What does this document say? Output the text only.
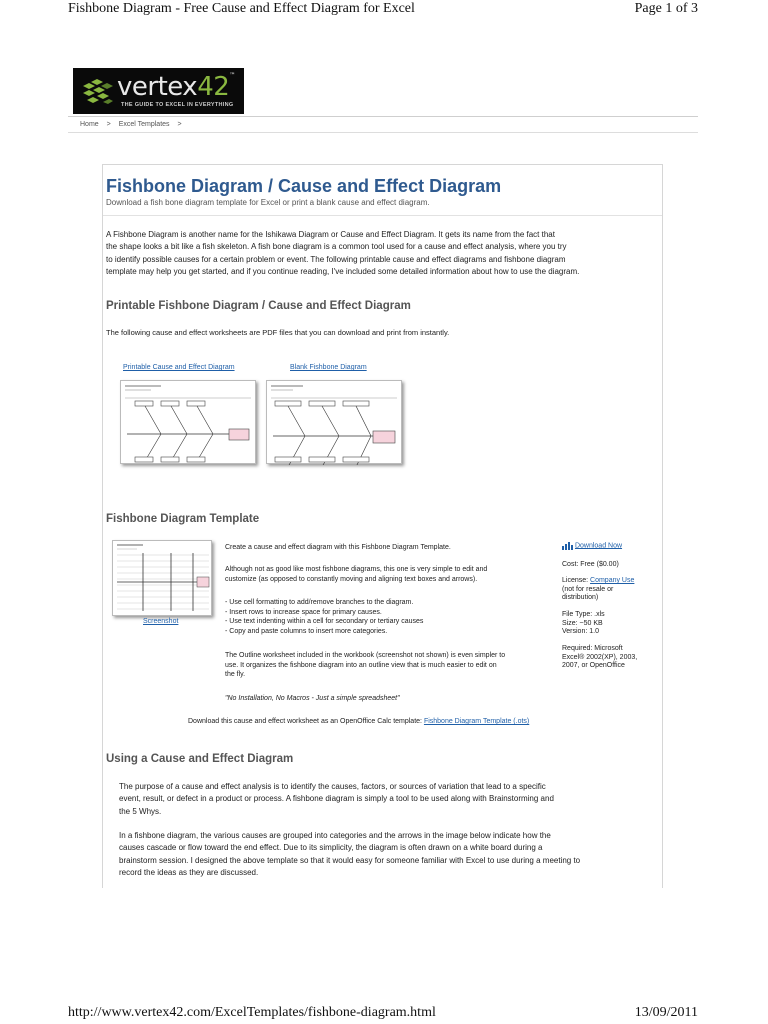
Fishbone Diagram - Free Cause and Effect Diagram for Excel	Page 1 of 3
vertex42™
THE GUIDE TO EXCEL IN EVERYTHING
Home > Excel Templates >
Fishbone Diagram / Cause and Effect Diagram
Download a fish bone diagram template for Excel or print a blank cause and effect diagram.
A Fishbone Diagram is another name for the Ishikawa Diagram or Cause and Effect Diagram. It gets its name from the fact that
the shape looks a bit like a fish skeleton. A fish bone diagram is a common tool used for a cause and effect analysis, where you try
to identify possible causes for a certain problem or event. The following printable cause and effect diagrams and fishbone diagram
template may help you get started, and if you continue reading, I've included some detailed information about how to use the diagram.
Printable Fishbone Diagram / Cause and Effect Diagram
The following cause and effect worksheets are PDF files that you can download and print from instantly.
Printable Cause and Effect Diagram	Blank Fishbone Diagram
Fishbone Diagram Template
Screenshot
Create a cause and effect diagram with this Fishbone Diagram Template.
Although not as good like most fishbone diagrams, this one is very simple to edit and
customize (as opposed to constantly moving and aligning text boxes and arrows).
- Use cell formatting to add/remove branches to the diagram.
- Insert rows to increase space for primary causes.
- Use text indenting within a cell for secondary or tertiary causes
- Copy and paste columns to insert more categories.
The Outline worksheet included in the workbook (screenshot not shown) is even simpler to
use. It organizes the fishbone diagram into an outline view that is much easier to edit on
the fly.
"No Installation, No Macros - Just a simple spreadsheet"
Download this cause and effect worksheet as an OpenOffice Calc template: Fishbone Diagram Template (.ots)
Download Now
Cost: Free ($0.00)
License: Company Use
(not for resale or
distribution)
File Type: .xls
Size: ~50 KB
Version: 1.0
Required: Microsoft
Excel® 2002(XP), 2003,
2007, or OpenOffice
Using a Cause and Effect Diagram
The purpose of a cause and effect analysis is to identify the causes, factors, or sources of variation that lead to a specific
event, result, or defect in a product or process. A fishbone diagram is simply a tool to be used along with Brainstorming and
the 5 Whys.
In a fishbone diagram, the various causes are grouped into categories and the arrows in the image below indicate how the
causes cascade or flow toward the end effect. Due to its simplicity, the diagram is often drawn on a white board during a
brainstorm session. I designed the above template so that it would easy for someone familiar with Excel to use during a meeting to
record the ideas as they are discussed.
http://www.vertex42.com/ExcelTemplates/fishbone-diagram.html	13/09/2011
